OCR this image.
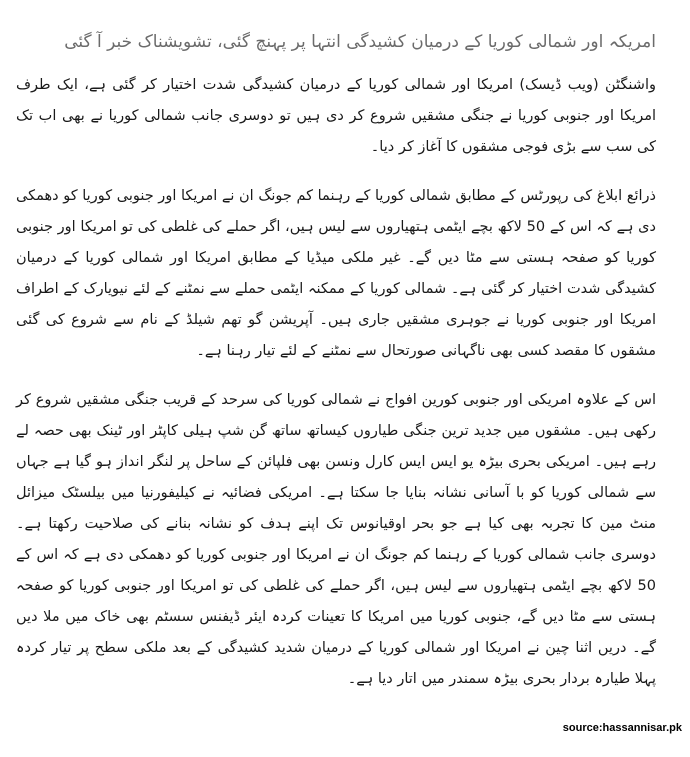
امریکہ اور شمالی کوریا کے درمیان کشیدگی انتہا پر پہنچ گئی، تشویشناک خبر آ گئی

واشنگٹن (ویب ڈیسک) امریکا اور شمالی کوریا کے درمیان کشیدگی شدت اختیار کر گئی ہے، ایک طرف امریکا اور جنوبی کوریا نے جنگی مشقیں شروع کر دی ہیں تو دوسری جانب شمالی کوریا نے بھی اب تک کی سب سے بڑی فوجی مشقوں کا آغاز کر دیا۔

ذرائع ابلاغ کی رپورٹس کے مطابق شمالی کوریا کے رہنما کم جونگ ان نے امریکا اور جنوبی کوریا کو دھمکی دی ہے کہ اس کے 50 لاکھ بچے ایٹمی ہتھیاروں سے لیس ہیں، اگر حملے کی غلطی کی تو امریکا اور جنوبی کوریا کو صفحہ ہستی سے مٹا دیں گے۔ غیر ملکی میڈیا کے مطابق امریکا اور شمالی کوریا کے درمیان کشیدگی شدت اختیار کر گئی ہے۔ شمالی کوریا کے ممکنہ ایٹمی حملے سے نمٹنے کے لئے نیویارک کے اطراف امریکا اور جنوبی کوریا نے جوہری مشقیں جاری ہیں۔ آپریشن گو تھم شیلڈ کے نام سے شروع کی گئی مشقوں کا مقصد کسی بھی ناگہانی صورتحال سے نمٹنے کے لئے تیار رہنا ہے۔

اس کے علاوہ امریکی اور جنوبی کورین افواج نے شمالی کوریا کی سرحد کے قریب جنگی مشقیں شروع کر رکھی ہیں۔ مشقوں میں جدید ترین جنگی طیاروں کیساتھ ساتھ گن شپ ہیلی کاپٹر اور ٹینک بھی حصہ لے رہے ہیں۔ امریکی بحری بیڑہ یو ایس ایس کارل ونسن بھی فلپائن کے ساحل پر لنگر انداز ہو گیا ہے جہاں سے شمالی کوریا کو با آسانی نشانہ بنایا جا سکتا ہے۔ امریکی فضائیہ نے کیلیفورنیا میں بیلسٹک میزائل منٹ مین کا تجربہ بھی کیا ہے جو بحر اوقیانوس تک اپنے ہدف کو نشانہ بنانے کی صلاحیت رکھتا ہے۔ دوسری جانب شمالی کوریا کے رہنما کم جونگ ان نے امریکا اور جنوبی کوریا کو دھمکی دی ہے کہ اس کے 50 لاکھ بچے ایٹمی ہتھیاروں سے لیس ہیں، اگر حملے کی غلطی کی تو امریکا اور جنوبی کوریا کو صفحہ ہستی سے مٹا دیں گے، جنوبی کوریا میں امریکا کا تعینات کردہ ایئر ڈیفنس سسٹم بھی خاک میں ملا دیں گے۔ دریں اثنا چین نے امریکا اور شمالی کوریا کے درمیان شدید کشیدگی کے بعد ملکی سطح پر تیار کردہ پہلا طیارہ بردار بحری بیڑہ سمندر میں اتار دیا ہے۔

source:hassannisar.pk
